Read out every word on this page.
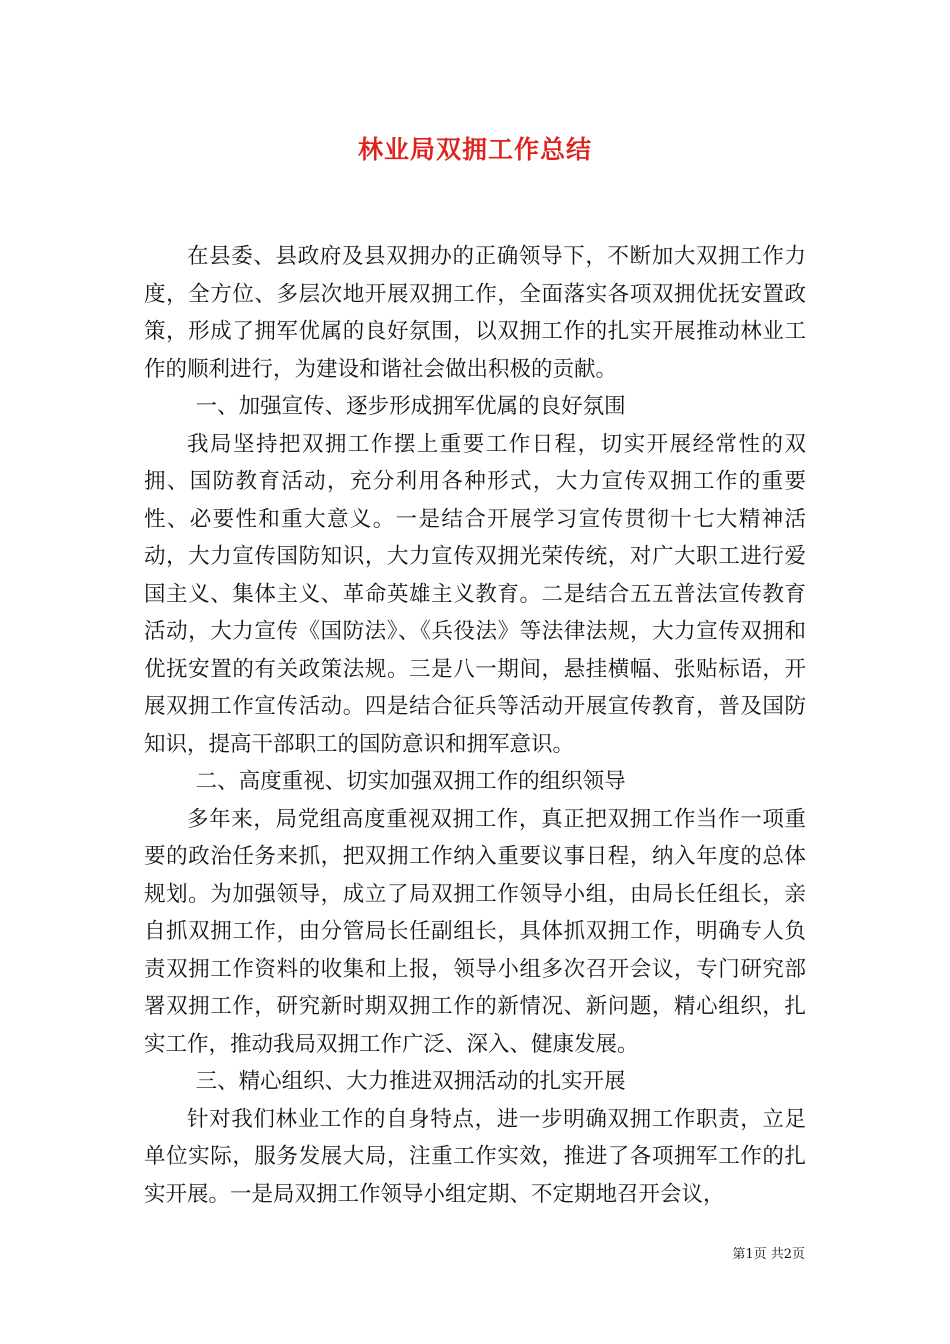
林业局双拥工作总结

在县委、县政府及县双拥办的正确领导下，不断加大双拥工作力度，全方位、多层次地开展双拥工作，全面落实各项双拥优抚安置政策，形成了拥军优属的良好氛围，以双拥工作的扎实开展推动林业工作的顺利进行，为建设和谐社会做出积极的贡献。

一、加强宣传、逐步形成拥军优属的良好氛围

我局坚持把双拥工作摆上重要工作日程，切实开展经常性的双拥、国防教育活动，充分利用各种形式，大力宣传双拥工作的重要性、必要性和重大意义。一是结合开展学习宣传贯彻十七大精神活动，大力宣传国防知识，大力宣传双拥光荣传统，对广大职工进行爱国主义、集体主义、革命英雄主义教育。二是结合五五普法宣传教育活动，大力宣传《国防法》、《兵役法》等法律法规，大力宣传双拥和优抚安置的有关政策法规。三是八一期间，悬挂横幅、张贴标语，开展双拥工作宣传活动。四是结合征兵等活动开展宣传教育，普及国防知识，提高干部职工的国防意识和拥军意识。

二、高度重视、切实加强双拥工作的组织领导

多年来，局党组高度重视双拥工作，真正把双拥工作当作一项重要的政治任务来抓，把双拥工作纳入重要议事日程，纳入年度的总体规划。为加强领导，成立了局双拥工作领导小组，由局长任组长，亲自抓双拥工作，由分管局长任副组长，具体抓双拥工作，明确专人负责双拥工作资料的收集和上报，领导小组多次召开会议，专门研究部署双拥工作，研究新时期双拥工作的新情况、新问题，精心组织，扎实工作，推动我局双拥工作广泛、深入、健康发展。

三、精心组织、大力推进双拥活动的扎实开展

针对我们林业工作的自身特点，进一步明确双拥工作职责，立足单位实际，服务发展大局，注重工作实效，推进了各项拥军工作的扎实开展。一是局双拥工作领导小组定期、不定期地召开会议，

第1页 共2页
